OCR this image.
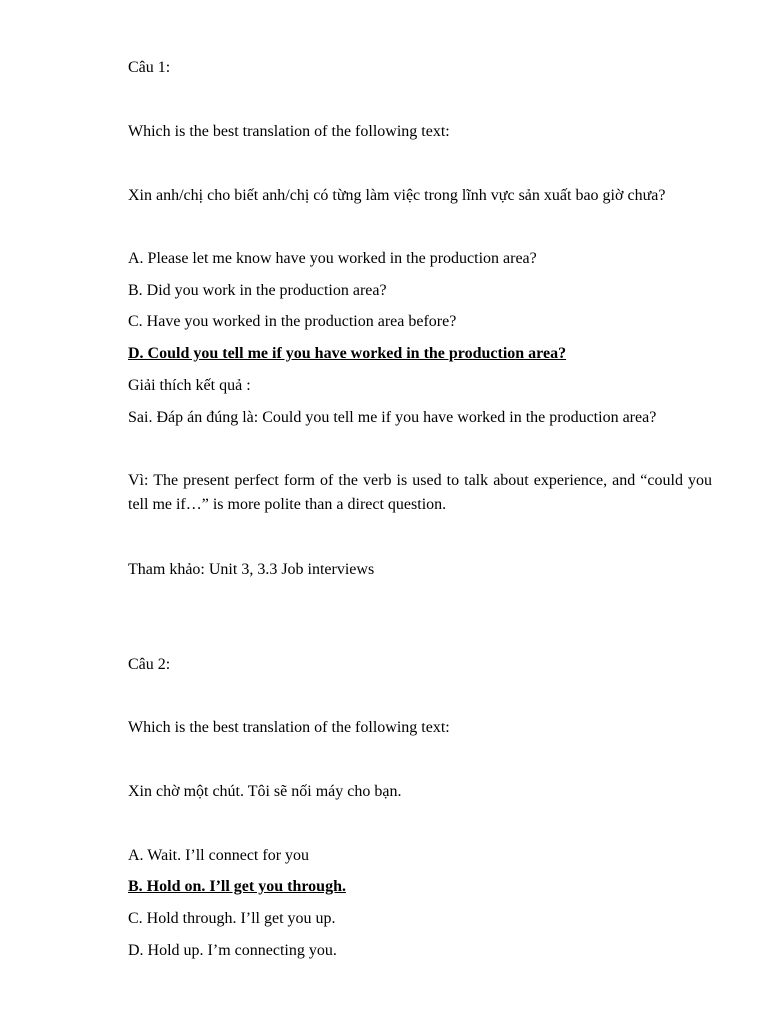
Câu 1:
Which is the best translation of the following text:
Xin anh/chị cho biết anh/chị có từng làm việc trong lĩnh vực sản xuất bao giờ chưa?
A. Please let me know have you worked in the production area?
B. Did you work in the production area?
C. Have you worked in the production area before?
D. Could you tell me if you have worked in the production area?
Giải thích kết quả :
Sai. Đáp án đúng là: Could you tell me if you have worked in the production area?
Vì: The present perfect form of the verb is used to talk about experience, and “could you tell me if…” is more polite than a direct question.
Tham khảo: Unit 3, 3.3 Job interviews
Câu 2:
Which is the best translation of the following text:
Xin chờ một chút. Tôi sẽ nối máy cho bạn.
A. Wait. I’ll connect for you
B. Hold on. I’ll get you through.
C. Hold through. I’ll get you up.
D. Hold up. I’m connecting you.
